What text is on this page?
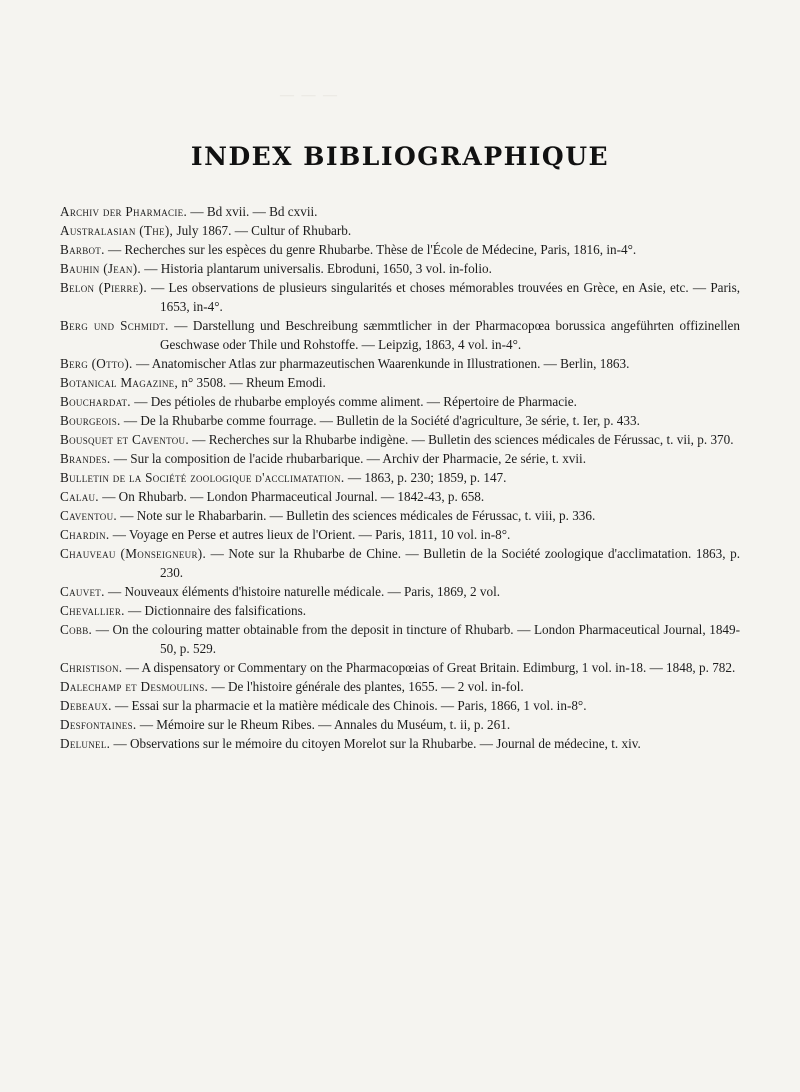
— — —
INDEX BIBLIOGRAPHIQUE
Archiv der Pharmacie. — Bd xvii. — Bd cxvii.
Australasian (The), July 1867. — Cultur of Rhubarb.
Barbot. — Recherches sur les espèces du genre Rhubarbe. Thèse de l'École de Médecine, Paris, 1816, in-4°.
Bauhin (Jean). — Historia plantarum universalis. Ebroduni, 1650, 3 vol. in-folio.
Belon (Pierre). — Les observations de plusieurs singularités et choses mémorables trouvées en Grèce, en Asie, etc. — Paris, 1653, in-4°.
Berg und Schmidt. — Darstellung und Beschreibung sæmmtlicher in der Pharmacopœa borussica angeführten offizinellen Geschwase oder Thile und Rohstoffe. — Leipzig, 1863, 4 vol. in-4°.
Berg (Otto). — Anatomischer Atlas zur pharmazeutischen Waarenkunde in Illustrationen. — Berlin, 1863.
Botanical Magazine, n° 3508. — Rheum Emodi.
Bouchardat. — Des pétioles de rhubarbe employés comme aliment. — Répertoire de Pharmacie.
Bourgeois. — De la Rhubarbe comme fourrage. — Bulletin de la Société d'agriculture, 3e série, t. Ier, p. 433.
Bousquet et Caventou. — Recherches sur la Rhubarbe indigène. — Bulletin des sciences médicales de Férussac, t. vii, p. 370.
Brandes. — Sur la composition de l'acide rhubarbarique. — Archiv der Pharmacie, 2e série, t. xvii.
Bulletin de la Société zoologique d'acclimatation. — 1863, p. 230; 1859, p. 147.
Calau. — On Rhubarb. — London Pharmaceutical Journal. — 1842-43, p. 658.
Caventou. — Note sur le Rhabarbarin. — Bulletin des sciences médicales de Férussac, t. viii, p. 336.
Chardin. — Voyage en Perse et autres lieux de l'Orient. — Paris, 1811, 10 vol. in-8°.
Chauveau (Monseigneur). — Note sur la Rhubarbe de Chine. — Bulletin de la Société zoologique d'acclimatation. 1863, p. 230.
Cauvet. — Nouveaux éléments d'histoire naturelle médicale. — Paris, 1869, 2 vol.
Chevallier. — Dictionnaire des falsifications.
Cobb. — On the colouring matter obtainable from the deposit in tincture of Rhubarb. — London Pharmaceutical Journal, 1849-50, p. 529.
Christison. — A dispensatory or Commentary on the Pharmacopœias of Great Britain. Edimburg, 1 vol. in-18. — 1848, p. 782.
Dalechamp et Desmoulins. — De l'histoire générale des plantes, 1655. — 2 vol. in-fol.
Debeaux. — Essai sur la pharmacie et la matière médicale des Chinois. — Paris, 1866, 1 vol. in-8°.
Desfontaines. — Mémoire sur le Rheum Ribes. — Annales du Muséum, t. ii, p. 261.
Delunel. — Observations sur le mémoire du citoyen Morelot sur la Rhubarbe. — Journal de médecine, t. xiv.
